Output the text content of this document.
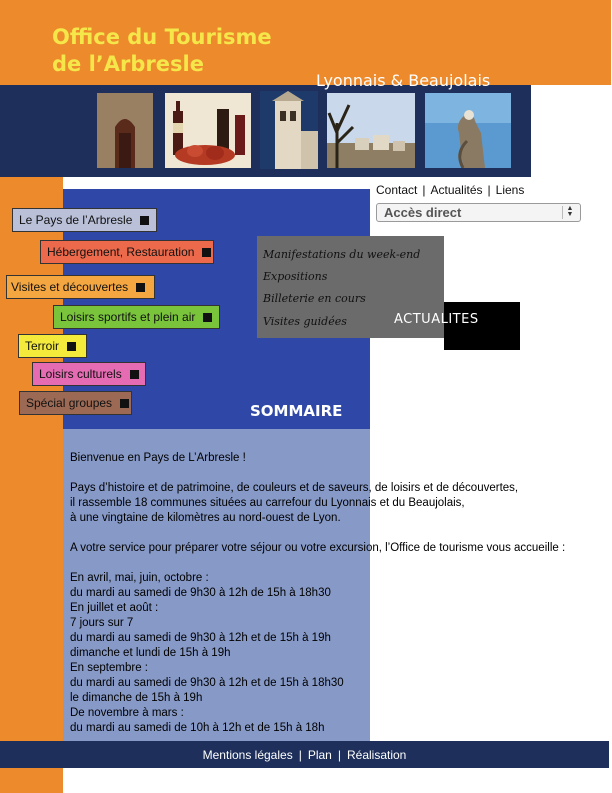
Office du Tourisme
de l’Arbresle
Lyonnais & Beaujolais
Le Pays de l’Arbresle
Hébergement, Restauration
Visites et découvertes
Loisirs sportifs et plein air
Terroir
Loisirs culturels
Spécial groupes	SOMMAIRE
Contact | Actualités | Liens
Accès direct	▲
▼
Manifestations du week-end
Expositions
Billeterie en cours
Visites guidées	ACTUALITES

Bienvenue en Pays de L’Arbresle !

Pays d’histoire et de patrimoine, de couleurs et de saveurs, de loisirs et de découvertes,

il rassemble 18 communes situées au carrefour du Lyonnais et du Beaujolais,

à une vingtaine de kilomètres au nord-ouest de Lyon.

A votre service pour préparer votre séjour ou votre excursion, l’Office de tourisme vous accueille :

En avril, mai, juin, octobre :

du mardi au samedi de 9h30 à 12h de 15h à 18h30

En juillet et août :

7 jours sur 7

du mardi au samedi de 9h30 à 12h et de 15h à 19h

dimanche et lundi de 15h à 19h

En septembre :

du mardi au samedi de 9h30 à 12h et de 15h à 18h30

le dimanche de 15h à 19h

De novembre à mars :

du mardi au samedi de 10h à 12h et de 15h à 18h

Mentions légales | Plan | Réalisation
